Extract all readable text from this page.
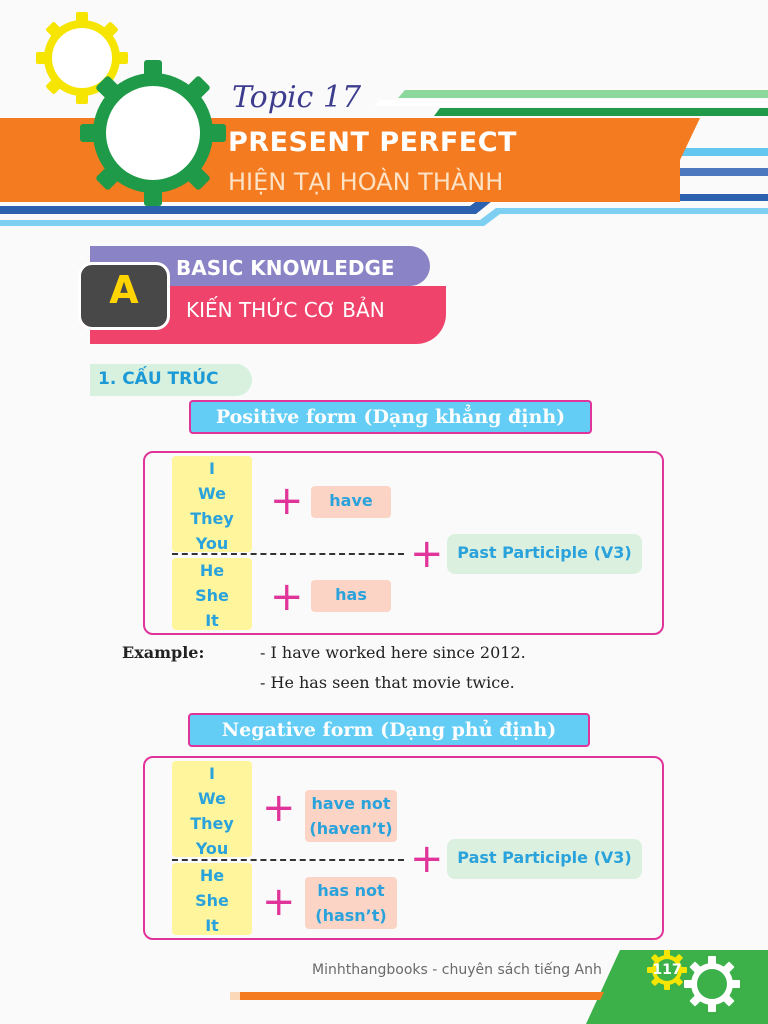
Topic 17
PRESENT PERFECT
HIỆN TẠI HOÀN THÀNH
A	BASIC KNOWLEDGE
KIẾN THỨC CƠ BẢN
1. CẤU TRÚC
Positive form (Dạng khẳng định)
I
We
They
You
+	have
+ Past Participle (V3)
He
She
It
+	has
Example:	- I have worked here since 2012.
- He has seen that movie twice.
Negative form (Dạng phủ định)
I
We
They
You
+ have not
(haven’t)
+ Past Participle (V3)
He
She
It
+	has not
(hasn’t)
Minhthangbooks - chuyên sách tiếng Anh	117
